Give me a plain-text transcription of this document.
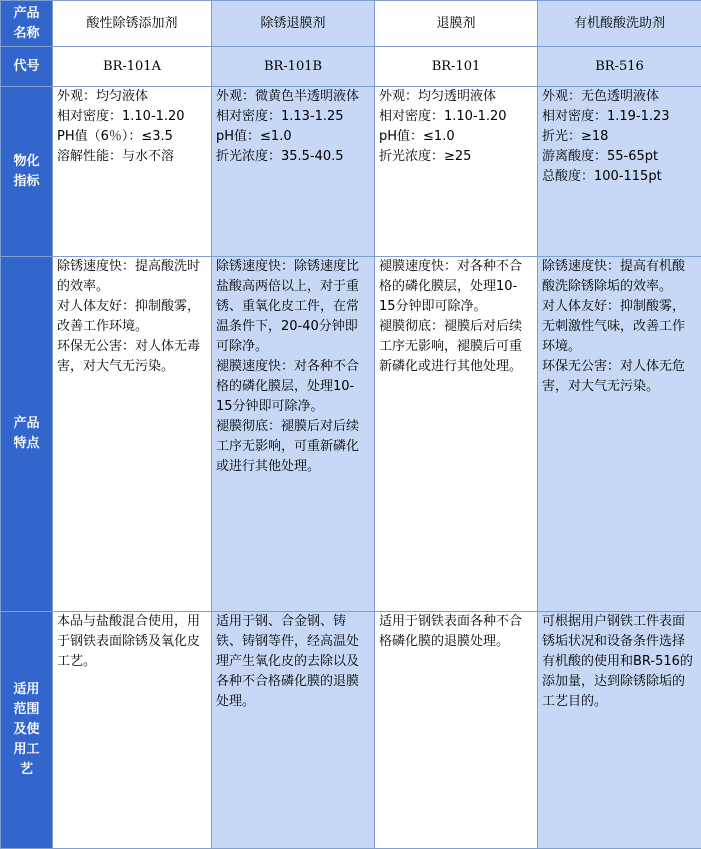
产品
名称	酸性除锈添加剂	除锈退膜剂	退膜剂	有机酸酸洗助剂

代号	BR-101A	BR-101B	BR-101	BR-516

物化
指标	外观：均匀液体
相对密度：1.10-1.20
PH值（6％）：≤3.5
溶解性能：与水不溶	外观：微黄色半透明液体
相对密度：1.13-1.25
pH值：≤1.0
折光浓度：35.5-40.5	外观：均匀透明液体
相对密度：1.10-1.20
pH值：≤1.0
折光浓度：≥25	外观：无色透明液体
相对密度：1.19-1.23
折光：≥18
游离酸度：55-65pt
总酸度：100-115pt

产品
特点	除锈速度快：提高酸洗时的效率。
对人体友好：抑制酸雾，改善工作环境。
环保无公害：对人体无毒害，对大气无污染。	除锈速度快：除锈速度比盐酸高两倍以上，对于重锈、重氧化皮工件，在常温条件下，20-40分钟即可除净。
褪膜速度快：对各种不合格的磷化膜层，处理10-15分钟即可除净。
褪膜彻底：褪膜后对后续工序无影响，可重新磷化或进行其他处理。	褪膜速度快：对各种不合格的磷化膜层，处理10-15分钟即可除净。
褪膜彻底：褪膜后对后续工序无影响，褪膜后可重新磷化或进行其他处理。	除锈速度快：提高有机酸酸洗除锈除垢的效率。
对人体友好：抑制酸雾，无刺激性气味，改善工作环境。
环保无公害：对人体无危害，对大气无污染。

适用
范围
及使
用工
艺	本品与盐酸混合使用，用于钢铁表面除锈及氧化皮工艺。	适用于钢、合金钢、铸铁、铸钢等件，经高温处理产生氧化皮的去除以及各种不合格磷化膜的退膜处理。	适用于钢铁表面各种不合格磷化膜的退膜处理。	可根据用户钢铁工件表面锈垢状况和设备条件选择有机酸的使用和BR-516的添加量，达到除锈除垢的工艺目的。
